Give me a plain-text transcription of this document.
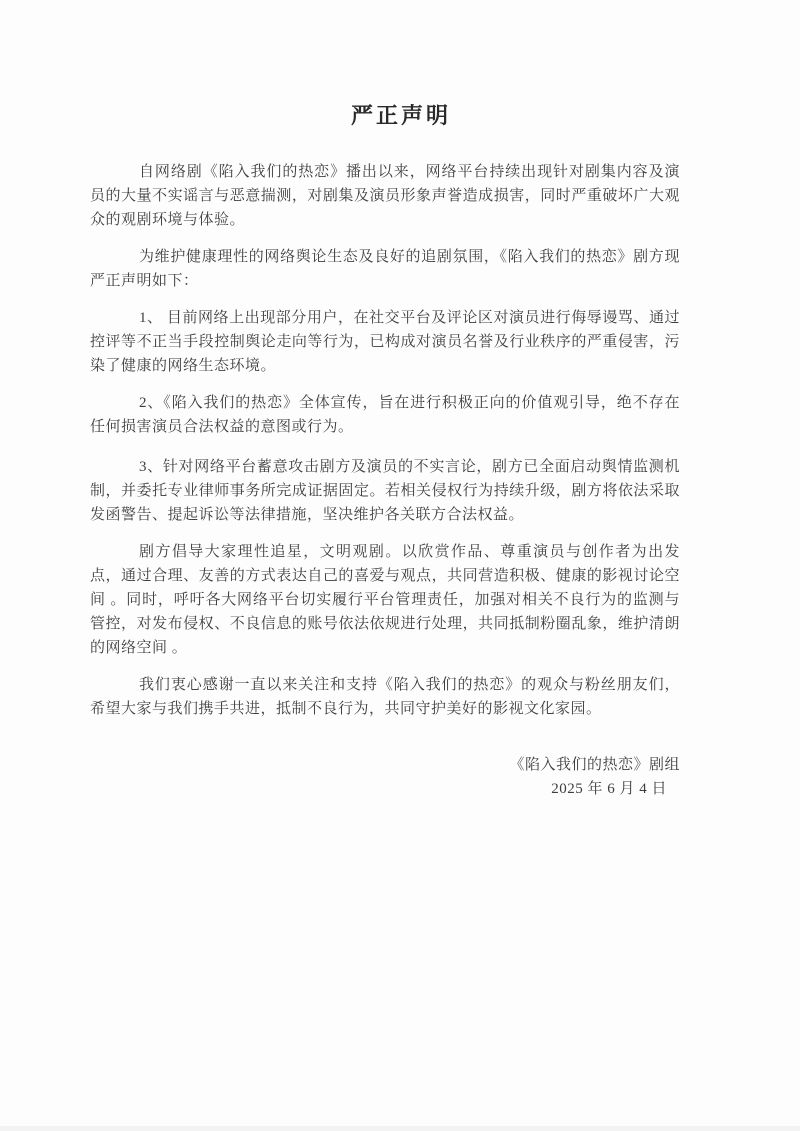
严正声明

自网络剧《陷入我们的热恋》播出以来，网络平台持续出现针对剧集内容及演员的大量不实谣言与恶意揣测，对剧集及演员形象声誉造成损害，同时严重破坏广大观众的观剧环境与体验。

为维护健康理性的网络舆论生态及良好的追剧氛围，《陷入我们的热恋》剧方现严正声明如下：

1、 目前网络上出现部分用户，在社交平台及评论区对演员进行侮辱谩骂、通过控评等不正当手段控制舆论走向等行为，已构成对演员名誉及行业秩序的严重侵害，污染了健康的网络生态环境。

2、《陷入我们的热恋》全体宣传，旨在进行积极正向的价值观引导，绝不存在任何损害演员合法权益的意图或行为。

3、针对网络平台蓄意攻击剧方及演员的不实言论，剧方已全面启动舆情监测机制，并委托专业律师事务所完成证据固定。若相关侵权行为持续升级，剧方将依法采取发函警告、提起诉讼等法律措施，坚决维护各关联方合法权益。

剧方倡导大家理性追星，文明观剧。以欣赏作品、尊重演员与创作者为出发点，通过合理、友善的方式表达自己的喜爱与观点，共同营造积极、健康的影视讨论空间 。同时，呼吁各大网络平台切实履行平台管理责任，加强对相关不良行为的监测与管控，对发布侵权、不良信息的账号依法依规进行处理，共同抵制粉圈乱象，维护清朗的网络空间 。

我们衷心感谢一直以来关注和支持《陷入我们的热恋》的观众与粉丝朋友们，希望大家与我们携手共进，抵制不良行为，共同守护美好的影视文化家园。

《陷入我们的热恋》剧组
2025 年 6 月 4 日
